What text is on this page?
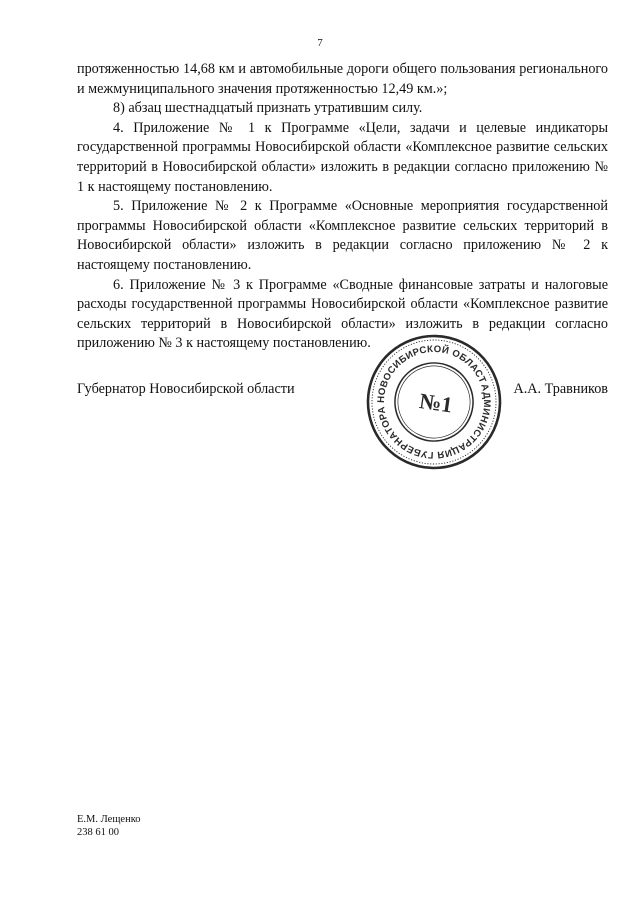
7

протяженностью 14,68 км и автомобильные дороги общего пользования регионального и межмуниципального значения протяженностью 12,49 км.»;

8) абзац шестнадцатый признать утратившим силу.

4. Приложение № 1 к Программе «Цели, задачи и целевые индикаторы государственной программы Новосибирской области «Комплексное развитие сельских территорий в Новосибирской области» изложить в редакции согласно приложению № 1 к настоящему постановлению.

5. Приложение № 2 к Программе «Основные мероприятия государственной программы Новосибирской области «Комплексное развитие сельских территорий в Новосибирской области» изложить в редакции согласно приложению № 2 к настоящему постановлению.

6. Приложение № 3 к Программе «Сводные финансовые затраты и налоговые расходы государственной программы Новосибирской области «Комплексное развитие сельских территорий в Новосибирской области» изложить в редакции согласно приложению № 3 к настоящему постановлению.

Губернатор Новосибирской области	А.А. Травников
АДМИНИСТРАЦИЯ ГУБЕРНАТОРА НОВОСИБИРСКОЙ ОБЛАСТИ
№1
Е.М. Лещенко
238 61 00
